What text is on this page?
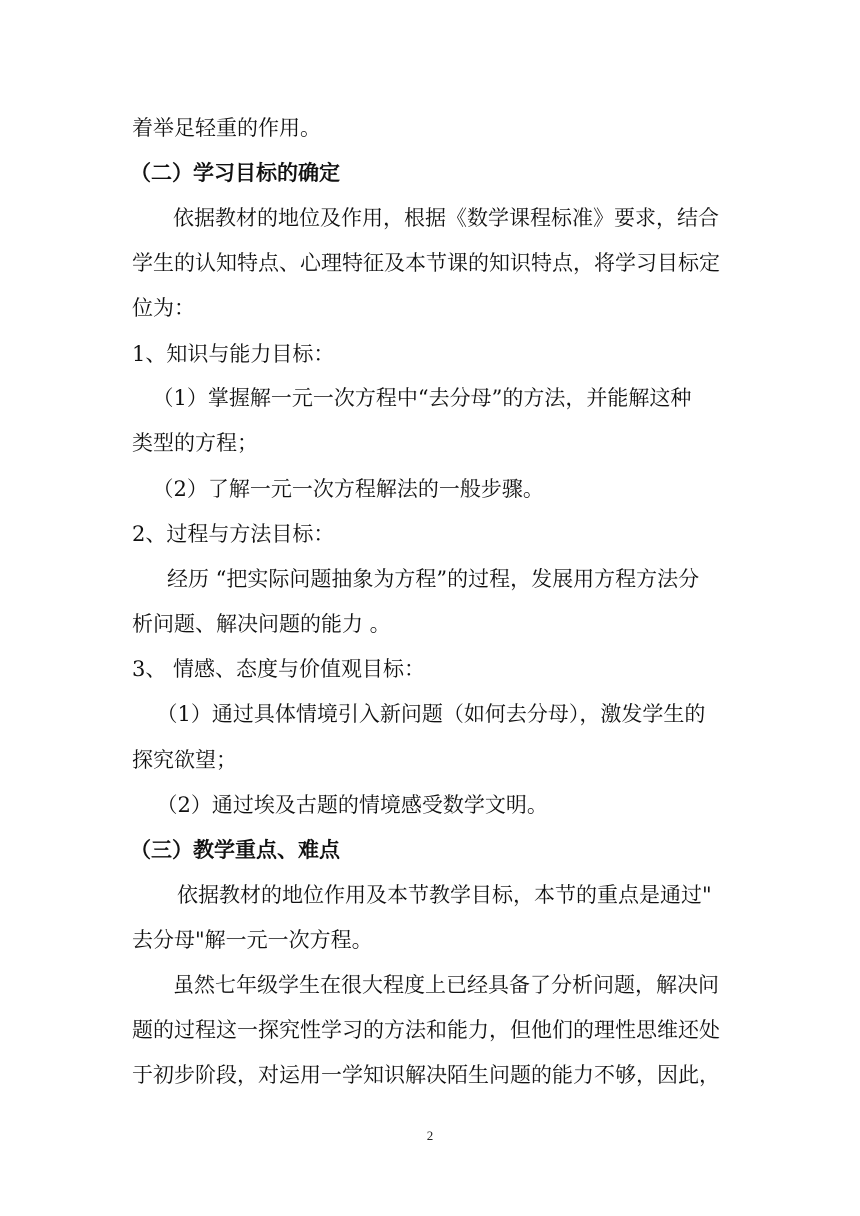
着举足轻重的作用。
（二）学习目标的确定
　依据教材的地位及作用，根据《数学课程标准》要求，结合
学生的认知特点、心理特征及本节课的知识特点，将学习目标定
位为：
1、知识与能力目标：
　（1）掌握解一元一次方程中“去分母”的方法，并能解这种
类型的方程；
　（2）了解一元一次方程解法的一般步骤。
2、过程与方法目标：
　经历 “把实际问题抽象为方程”的过程，发展用方程方法分
析问题、解决问题的能力 。
3、 情感、态度与价值观目标：
　（1）通过具体情境引入新问题（如何去分母），激发学生的
探究欲望；
　（2）通过埃及古题的情境感受数学文明。
（三）教学重点、难点
　依据教材的地位作用及本节教学目标，本节的重点是通过"
去分母"解一元一次方程。
　虽然七年级学生在很大程度上已经具备了分析问题，解决问
题的过程这一探究性学习的方法和能力，但他们的理性思维还处
于初步阶段，对运用一学知识解决陌生问题的能力不够，因此，
2
